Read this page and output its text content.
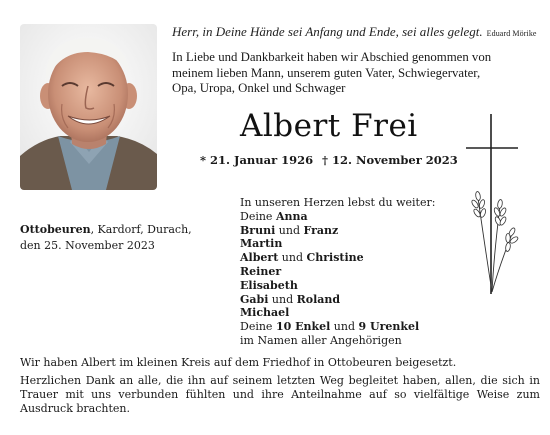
Herr, in Deine Hände sei Anfang und Ende, sei alles gelegt. Eduard Mörike
In Liebe und Dankbarkeit haben wir Abschied genommen von
meinem lieben Mann, unserem guten Vater, Schwiegervater,
Opa, Uropa, Onkel und Schwager
Albert Frei
* 21. Januar 1926 † 12. November 2023
Ottobeuren, Kardorf, Durach,
den 25. November 2023
In unseren Herzen lebst du weiter:
Deine Anna
Bruni und Franz
Martin
Albert und Christine
Reiner
Elisabeth
Gabi und Roland
Michael
Deine 10 Enkel und 9 Urenkel
im Namen aller Angehörigen

Wir haben Albert im kleinen Kreis auf dem Friedhof in Ottobeuren beigesetzt.

Herzlichen Dank an alle, die ihn auf seinem letzten Weg begleitet haben, allen, die sich in Trauer mit uns verbunden fühlten und ihre Anteilnahme auf so vielfältige Weise zum Ausdruck brachten.
